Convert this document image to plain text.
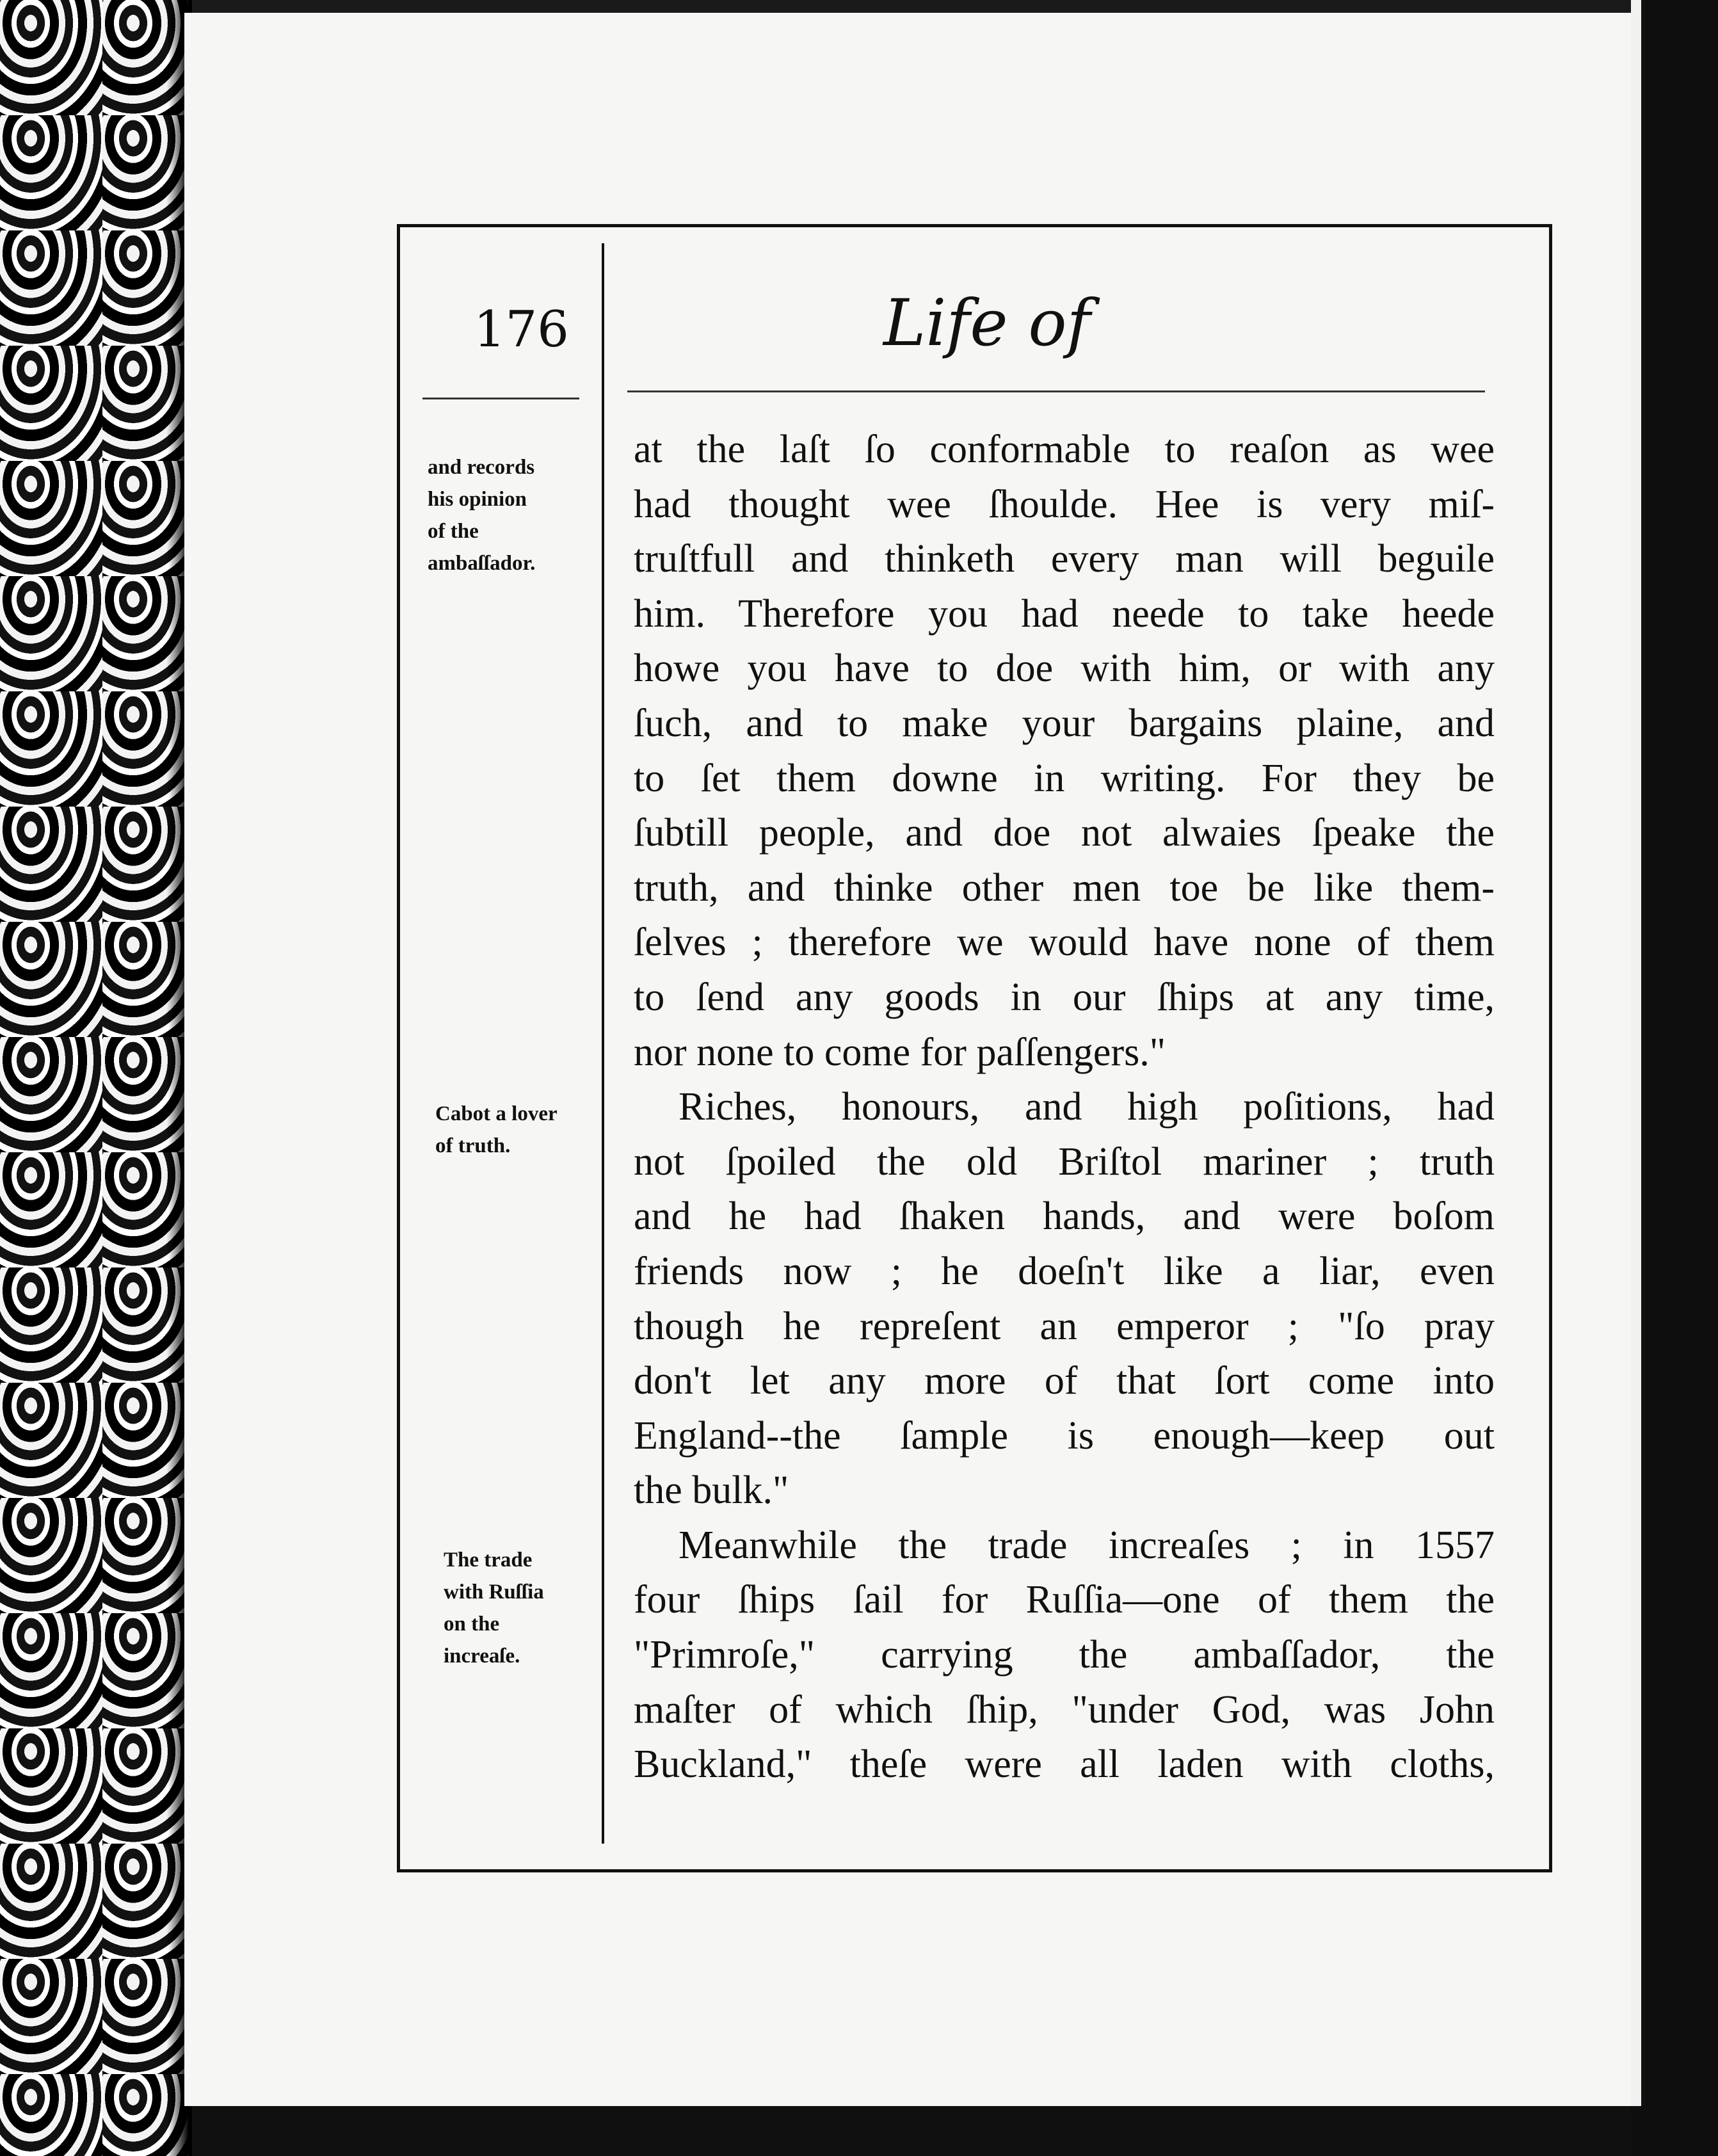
176	Life of
and records
his opinion
of the
ambaſſador.
Cabot a lover
of truth.
The trade
with Ruſſia
on the
increaſe.
at the laſt ſo conformable to reaſon as wee
had thought wee ſhoulde. Hee is very miſ-
truſtfull and thinketh every man will beguile
him. Therefore you had neede to take heede
howe you have to doe with him, or with any
ſuch, and to make your bargains plaine, and
to ſet them downe in writing. For they be
ſubtill people, and doe not alwaies ſpeake the
truth, and thinke other men toe be like them-
ſelves ; therefore we would have none of them
to ſend any goods in our ſhips at any time,
nor none to come for paſſengers."
Riches, honours, and high poſitions, had
not ſpoiled the old Briſtol mariner ; truth
and he had ſhaken hands, and were boſom
friends now ; he doeſn't like a liar, even
though he repreſent an emperor ; "ſo pray
don't let any more of that ſort come into
England--the ſample is enough—keep out
the bulk."
Meanwhile the trade increaſes ; in 1557
four ſhips ſail for Ruſſia—one of them the
"Primroſe," carrying the ambaſſador, the
maſter of which ſhip, "under God, was John
Buckland," theſe were all laden with cloths,
